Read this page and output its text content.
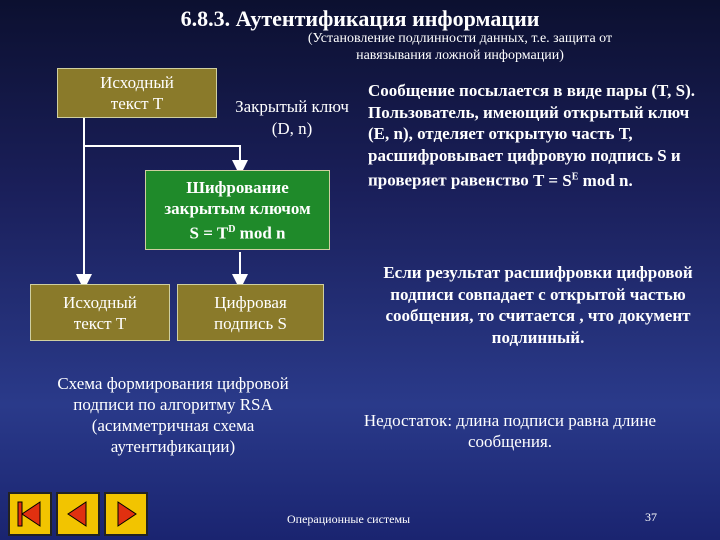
6.8.3. Аутентификация информации
(Установление подлинности данных, т.е. защита от навязывания ложной информации)
Исходный текст Т	Закрытый ключ (D, n)
Шифрование
закрытым ключом
$S = T^D$ mod n
Исходный текст Т
Цифровая подпись S
Схема формирования цифровой подписи по алгоритму RSA (асимметричная схема аутентификации)
Сообщение посылается в виде пары (T, S). Пользователь, имеющий открытый ключ (E, n), отделяет открытую часть Т, расшифровывает цифровую подпись S и проверяет равенство $T = S^E$ mod n.
Если результат расшифровки цифровой подписи совпадает с открытой частью сообщения, то считается , что документ подлинный.
Недостаток: длина подписи равна длине сообщения.
Операционные системы	37
